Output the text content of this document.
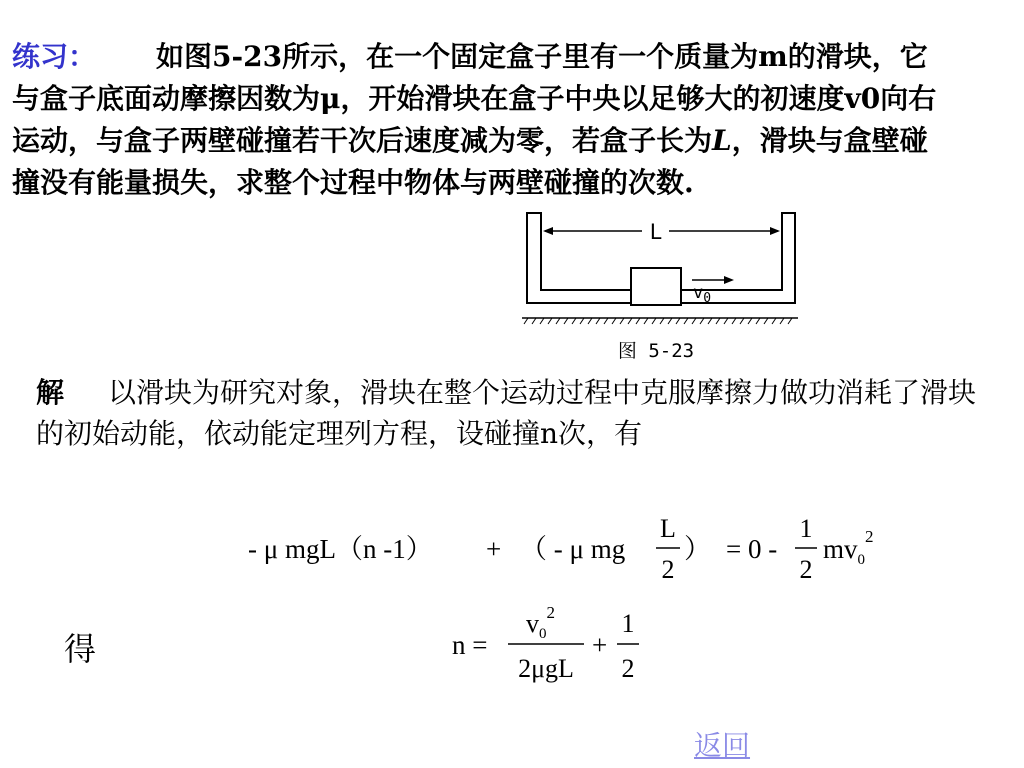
练习： 如图5-23所示，在一个固定盒子里有一个质量为m的滑块，它与盒子底面动摩擦因数为μ，开始滑块在盒子中央以足够大的初速度v0向右运动，与盒子两壁碰撞若干次后速度减为零，若盒子长为L，滑块与盒壁碰撞没有能量损失，求整个过程中物体与两壁碰撞的次数.
L
$v_0$
图 5-23
解 以滑块为研究对象，滑块在整个运动过程中克服摩擦力做功消耗了滑块的初始动能，依动能定理列方程，设碰撞n次，有
- μ mgL（n -1） + （ - μ mg
L
2
） = 0 -
1
2
$mv_0^2$
得	n =
$v_0^2$
2μgL
+
1
2
返回
